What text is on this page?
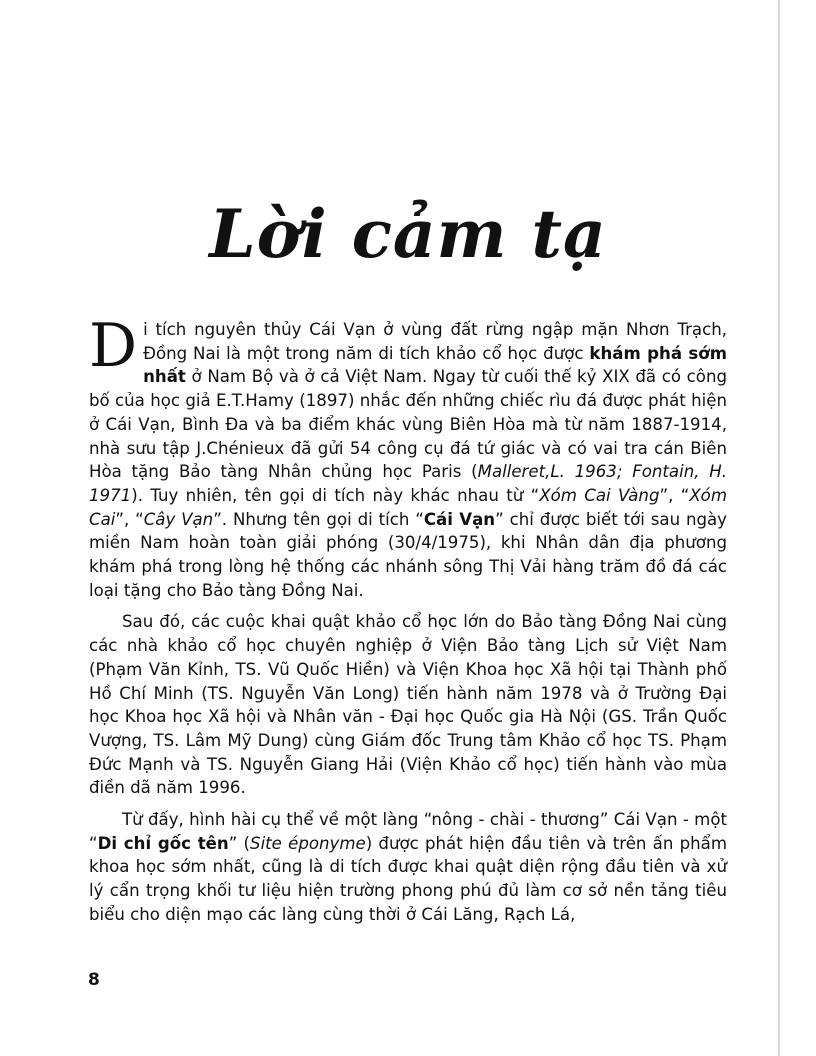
Lời cảm tạ

Di tích nguyên thủy Cái Vạn ở vùng đất rừng ngập mặn Nhơn Trạch, Đồng Nai là một trong năm di tích khảo cổ học được khám phá sớm nhất ở Nam Bộ và ở cả Việt Nam. Ngay từ cuối thế kỷ XIX đã có công bố của học giả E.T.Hamy (1897) nhắc đến những chiếc rìu đá được phát hiện ở Cái Vạn, Bình Đa và ba điểm khác vùng Biên Hòa mà từ năm 1887-1914, nhà sưu tập J.Chénieux đã gửi 54 công cụ đá tứ giác và có vai tra cán Biên Hòa tặng Bảo tàng Nhân chủng học Paris (Malleret,L. 1963; Fontain, H. 1971). Tuy nhiên, tên gọi di tích này khác nhau từ “Xóm Cai Vàng”, “Xóm Cai”, “Cây Vạn”. Nhưng tên gọi di tích “Cái Vạn” chỉ được biết tới sau ngày miền Nam hoàn toàn giải phóng (30/4/1975), khi Nhân dân địa phương khám phá trong lòng hệ thống các nhánh sông Thị Vải hàng trăm đồ đá các loại tặng cho Bảo tàng Đồng Nai.

Sau đó, các cuộc khai quật khảo cổ học lớn do Bảo tàng Đồng Nai cùng các nhà khảo cổ học chuyên nghiệp ở Viện Bảo tàng Lịch sử Việt Nam (Phạm Văn Kỉnh, TS. Vũ Quốc Hiền) và Viện Khoa học Xã hội tại Thành phố Hồ Chí Minh (TS. Nguyễn Văn Long) tiến hành năm 1978 và ở Trường Đại học Khoa học Xã hội và Nhân văn - Đại học Quốc gia Hà Nội (GS. Trần Quốc Vượng, TS. Lâm Mỹ Dung) cùng Giám đốc Trung tâm Khảo cổ học TS. Phạm Đức Mạnh và TS. Nguyễn Giang Hải (Viện Khảo cổ học) tiến hành vào mùa điền dã năm 1996.

Từ đấy, hình hài cụ thể về một làng “nông - chài - thương” Cái Vạn - một “Di chỉ gốc tên” (Site éponyme) được phát hiện đầu tiên và trên ấn phẩm khoa học sớm nhất, cũng là di tích được khai quật diện rộng đầu tiên và xử lý cẩn trọng khối tư liệu hiện trường phong phú đủ làm cơ sở nền tảng tiêu biểu cho diện mạo các làng cùng thời ở Cái Lăng, Rạch Lá,

8
